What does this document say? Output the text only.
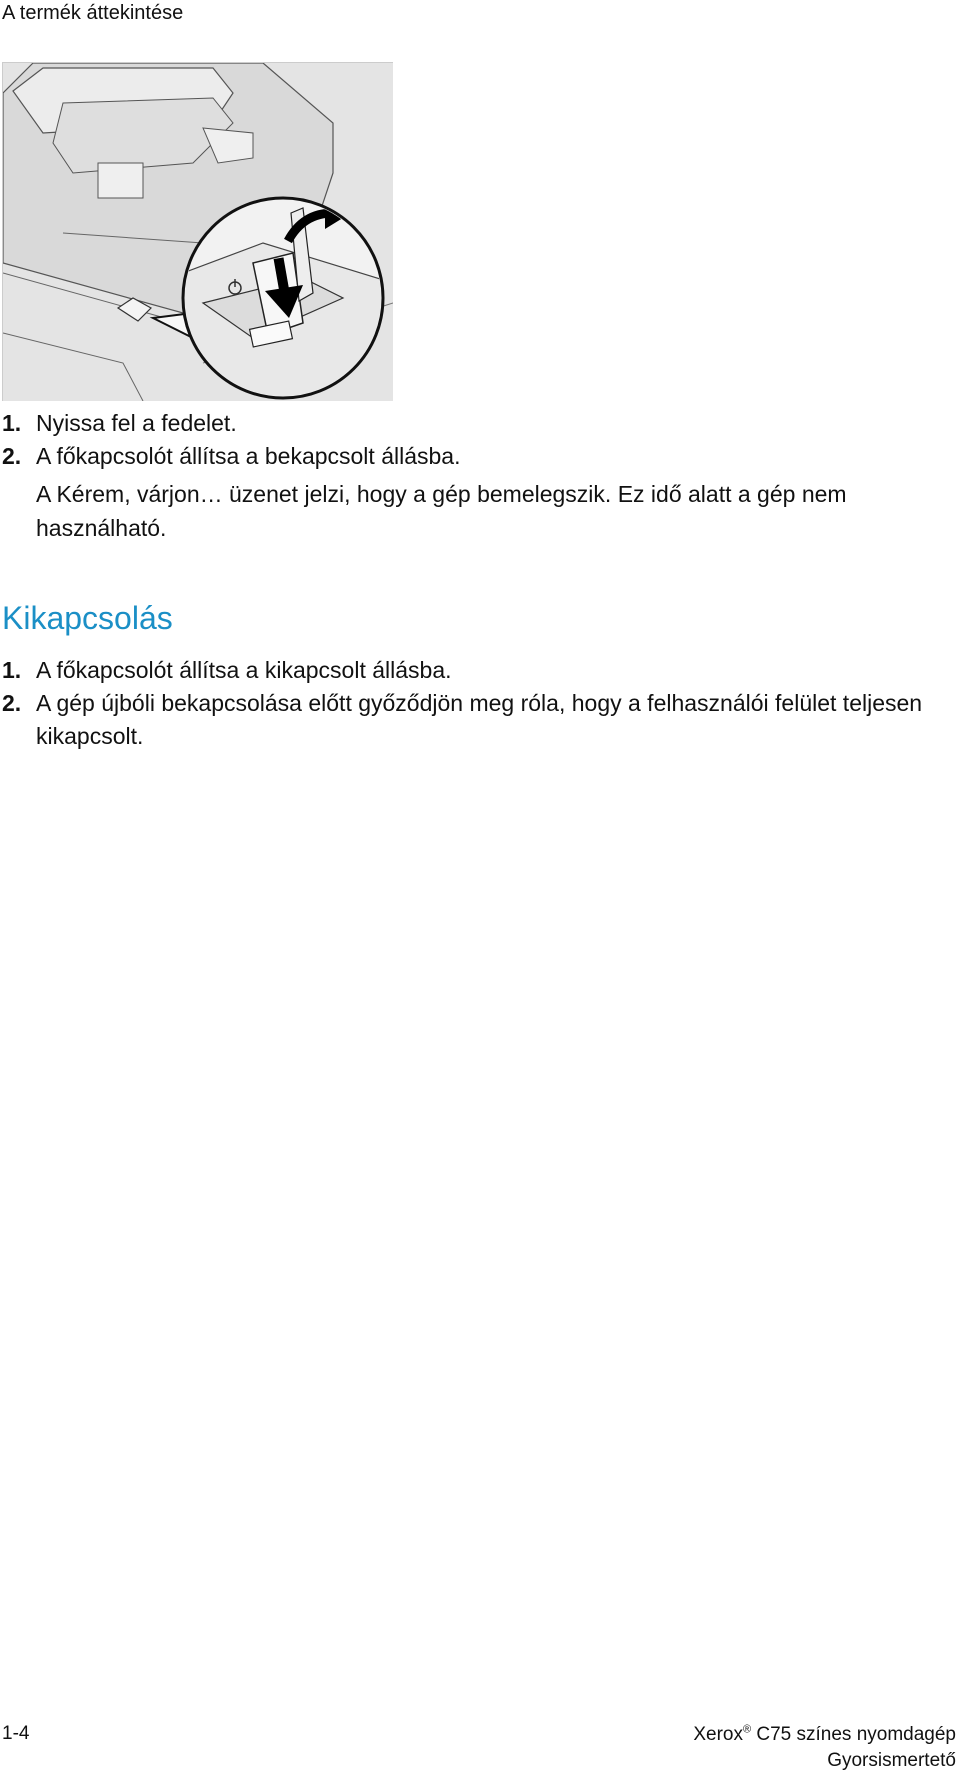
A termék áttekintése
1. Nyissa fel a fedelet.
2. A főkapcsolót állítsa a bekapcsolt állásba.
A Kérem, várjon… üzenet jelzi, hogy a gép bemelegszik. Ez idő alatt a gép nem használható.
Kikapcsolás
1. A főkapcsolót állítsa a kikapcsolt állásba.
2. A gép újbóli bekapcsolása előtt győződjön meg róla, hogy a felhasználói felület teljesen kikapcsolt.
1-4	Xerox® C75 színes nyomdagép
Gyorsismertető
